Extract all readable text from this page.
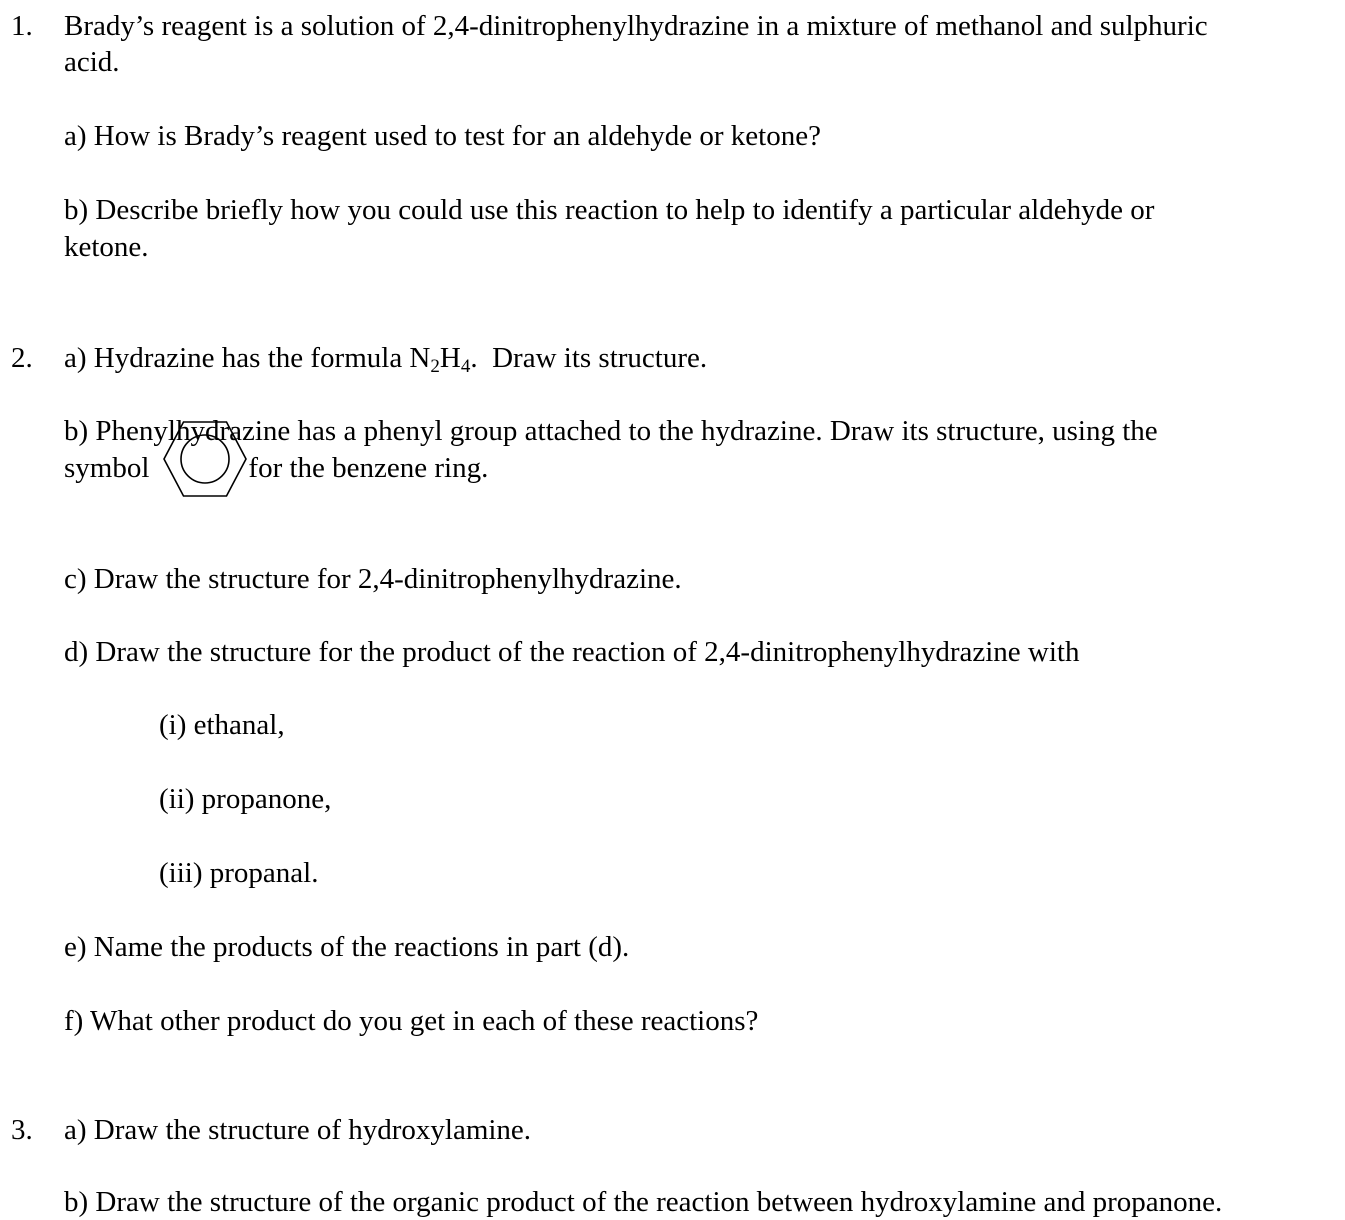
1. Brady’s reagent is a solution of 2,4-dinitrophenylhydrazine in a mixture of methanol and sulphuric
acid.
a) How is Brady’s reagent used to test for an aldehyde or ketone?
b) Describe briefly how you could use this reaction to help to identify a particular aldehyde or
ketone.
2. a) Hydrazine has the formula $N_2H_4$.  Draw its structure.
b) Phenylhydrazine has a phenyl group attached to the hydrazine. Draw its structure, using the
symbol	for the benzene ring.
c) Draw the structure for 2,4-dinitrophenylhydrazine.
d) Draw the structure for the product of the reaction of 2,4-dinitrophenylhydrazine with
(i) ethanal,
(ii) propanone,
(iii) propanal.
e) Name the products of the reactions in part (d).
f) What other product do you get in each of these reactions?
3. a) Draw the structure of hydroxylamine.
b) Draw the structure of the organic product of the reaction between hydroxylamine and propanone.
